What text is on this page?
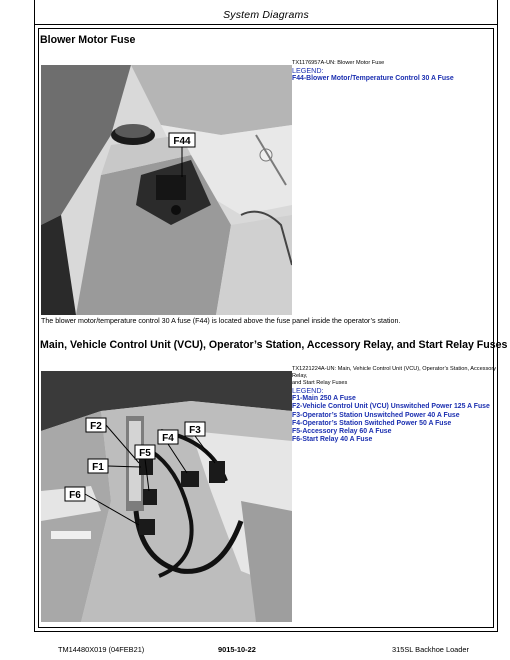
System Diagrams
Blower Motor Fuse
F44
TX1176957A-UN: Blower Motor Fuse
LEGEND:
F44-Blower Motor/Temperature Control 30 A Fuse
The blower motor/temperature control 30 A fuse (F44) is located above the fuse panel inside the operator’s station.
Main, Vehicle Control Unit (VCU), Operator’s Station, Accessory Relay, and Start Relay Fuses
F2	F3
F4
F5
F1
F6
TX1221224A-UN: Main, Vehicle Control Unit (VCU), Operator’s Station, Accessory Relay,
and Start Relay Fuses
LEGEND:
F1-Main 250 A Fuse
F2-Vehicle Control Unit (VCU) Unswitched Power 125 A Fuse
F3-Operator’s Station Unswitched Power 40 A Fuse
F4-Operator’s Station Switched Power 50 A Fuse
F5-Accessory Relay 60 A Fuse
F6-Start Relay 40 A Fuse
TM14480X019 (04FEB21)	9015-10-22	315SL Backhoe Loader
